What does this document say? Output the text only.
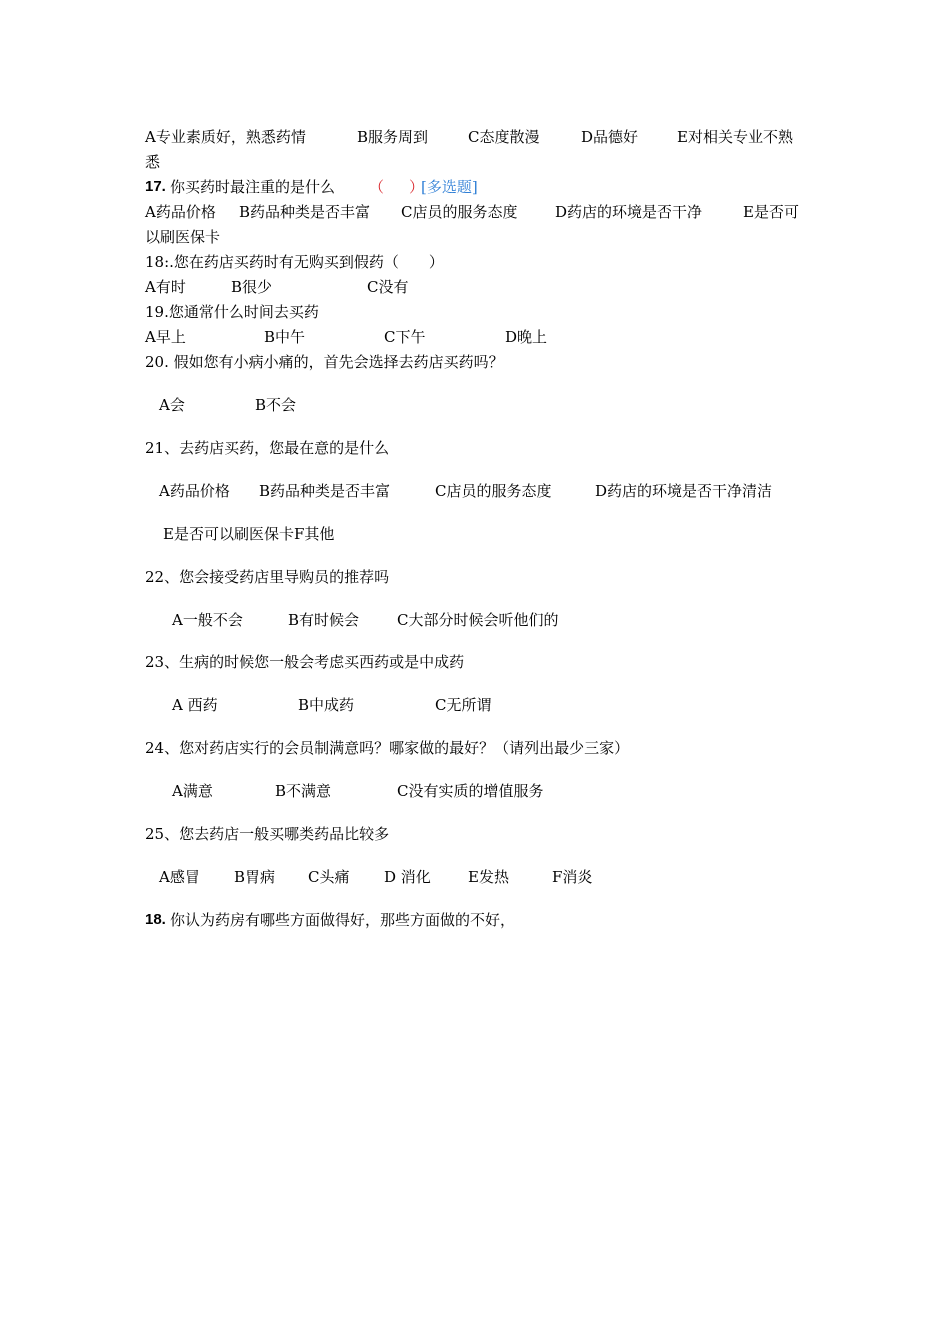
A专业素质好，熟悉药情	B服务周到	C态度散漫	D品德好	E对相关专业不熟
悉
17. 你买药时最注重的是什么 （ ）
[多选题]
A药品价格 B药品种类是否丰富 C店员的服务态度	D药店的环境是否干净	E是否可
以刷医保卡
18:.您在药店买药时有无购买到假药（　　）
A有时	B很少	C没有
19.您通常什么时间去买药
A早上	B中午	C下午	D晚上
20. 假如您有小病小痛的，首先会选择去药店买药吗？
A会	B不会
21、去药店买药，您最在意的是什么
A药品价格 B药品种类是否丰富	C店员的服务态度	D药店的环境是否干净清洁
E是否可以刷医保卡F其他
22、您会接受药店里导购员的推荐吗
A一般不会	B有时候会	C大部分时候会听他们的
23、生病的时候您一般会考虑买西药或是中成药
A 西药	B中成药	C无所谓
24、您对药店实行的会员制满意吗？哪家做的最好？（请列出最少三家）
A满意	B不满意	C没有实质的增值服务
25、您去药店一般买哪类药品比较多
A感冒 B胃病 C头痛 D 消化 E发热	F消炎
18. 你认为药房有哪些方面做得好，那些方面做的不好，
